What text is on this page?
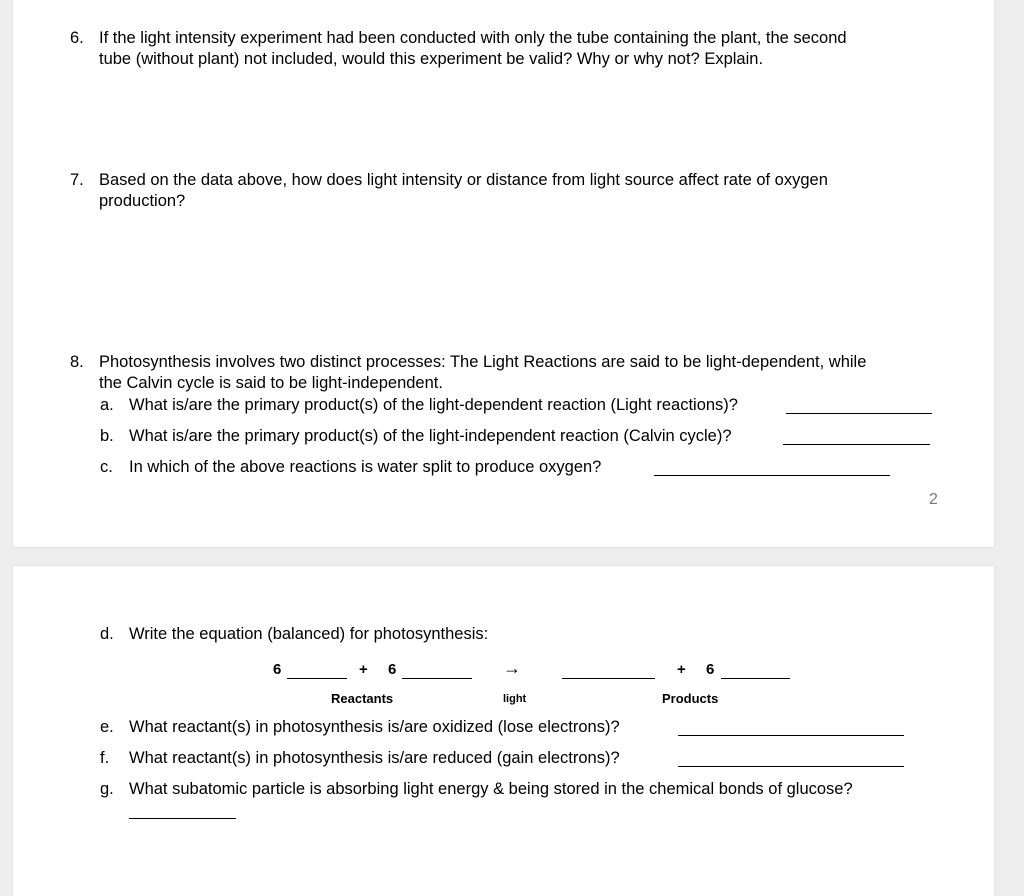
6. If the light intensity experiment had been conducted with only the tube containing the plant, the second
tube (without plant) not included, would this experiment be valid? Why or why not? Explain.
7. Based on the data above, how does light intensity or distance from light source affect rate of oxygen
production?
8. Photosynthesis involves two distinct processes: The Light Reactions are said to be light-dependent, while
the Calvin cycle is said to be light-independent.
a. What is/are the primary product(s) of the light-dependent reaction (Light reactions)?
b. What is/are the primary product(s) of the light-independent reaction (Calvin cycle)?
c. In which of the above reactions is water split to produce oxygen?
2
d. Write the equation (balanced) for photosynthesis:
6	+ 6	→	+ 6
Reactants	light	Products
e. What reactant(s) in photosynthesis is/are oxidized (lose electrons)?
f. What reactant(s) in photosynthesis is/are reduced (gain electrons)?
g. What subatomic particle is absorbing light energy & being stored in the chemical bonds of glucose?
